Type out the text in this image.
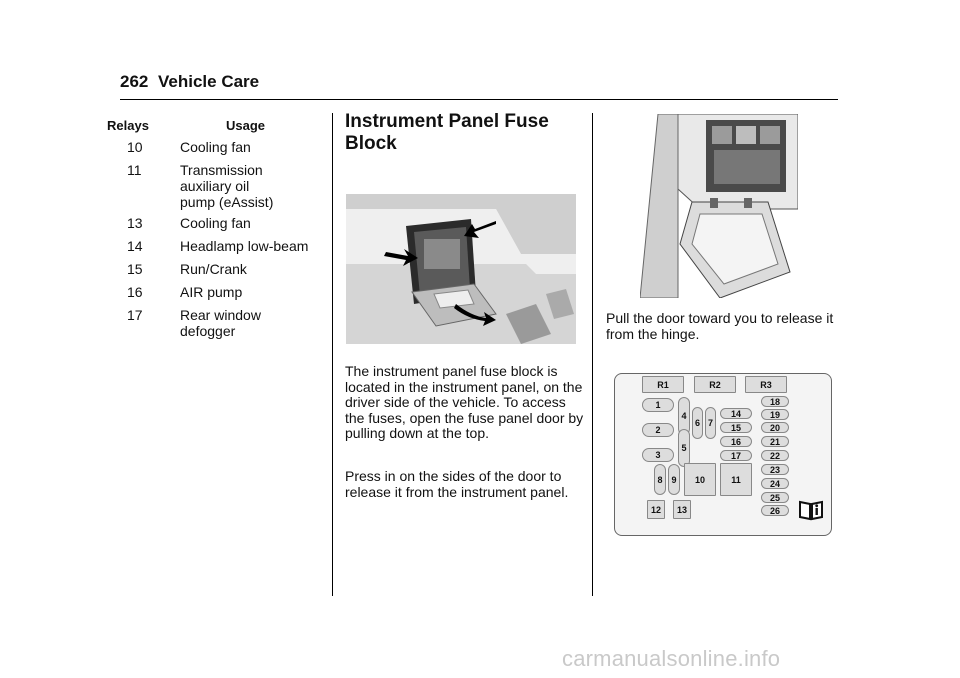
262 Vehicle Care
Relays	Usage
10	Cooling fan
11	Transmission auxiliary oil pump (eAssist)
13	Cooling fan
14	Headlamp low-beam
15	Run/Crank
16	AIR pump
17	Rear window defogger
Instrument Panel Fuse
Block
The instrument panel fuse block is located in the instrument panel, on the driver side of the vehicle. To access the fuses, open the fuse panel door by pulling down at the top.
Press in on the sides of the door to release it from the instrument panel.
Pull the door toward you to release it from the hinge.
R1	R2	R3
1
2
3
4
5
6 7
8 9	10	11
12	13
14
15
16
17
18
19
20
21
22
23
24
25
26
carmanualsonline.info
